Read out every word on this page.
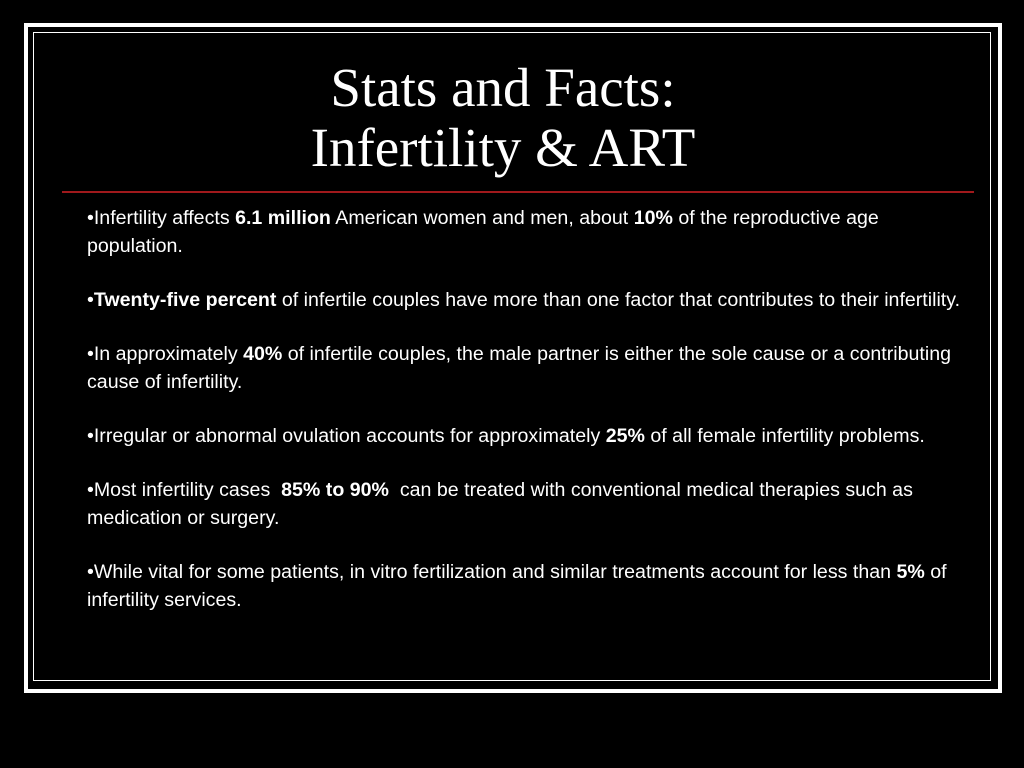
Stats and Facts:
Infertility & ART

•Infertility affects 6.1 million American women and men, about 10% of the reproductive age population.

•Twenty-five percent of infertile couples have more than one factor that contributes to their infertility.

•In approximately 40% of infertile couples, the male partner is either the sole cause or a contributing cause of infertility.

•Irregular or abnormal ovulation accounts for approximately 25% of all female infertility problems.

•Most infertility cases  85% to 90%  can be treated with conventional medical therapies such as medication or surgery.

•While vital for some patients, in vitro fertilization and similar treatments account for less than 5% of infertility services.
